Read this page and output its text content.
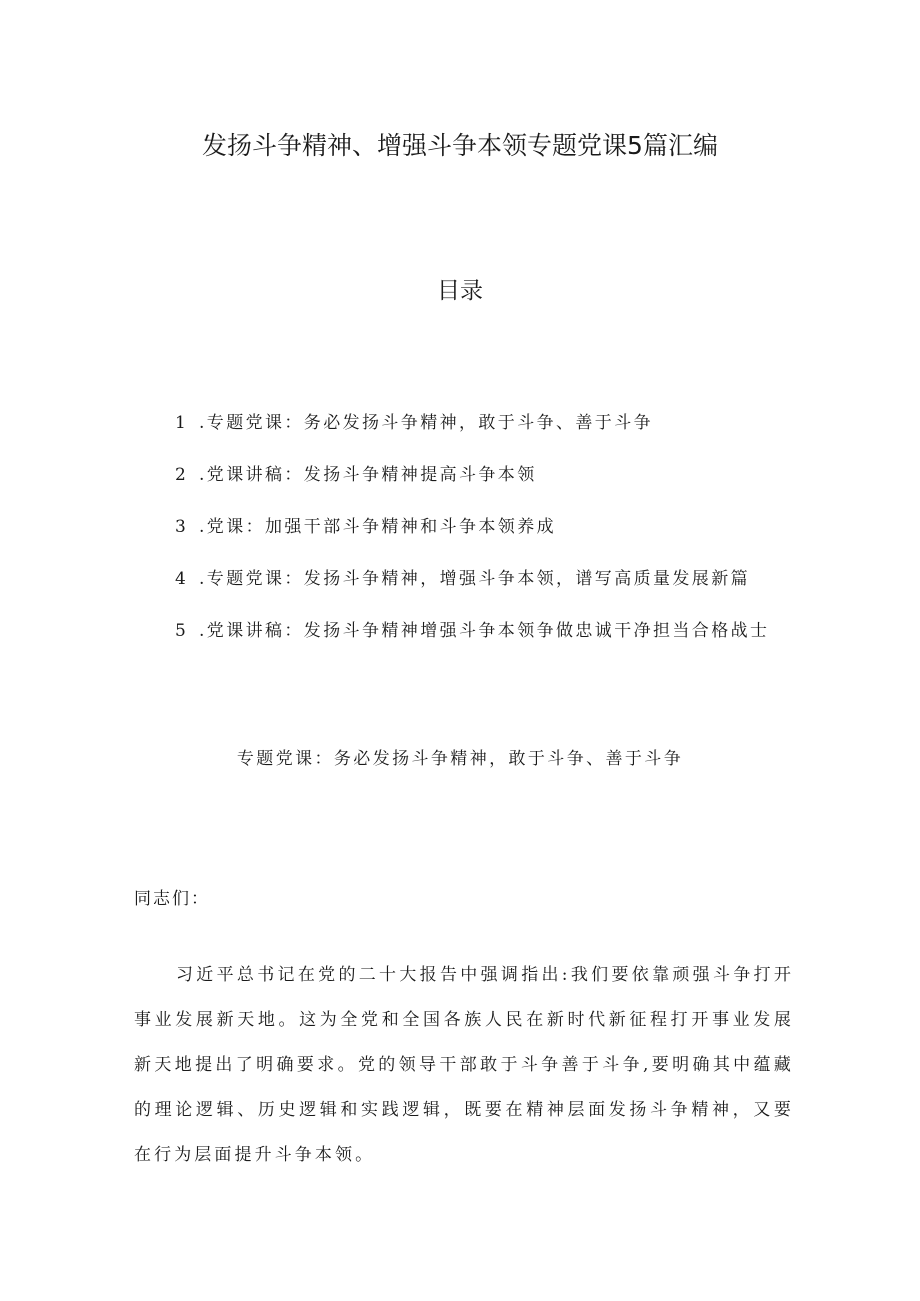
发扬斗争精神、增强斗争本领专题党课5篇汇编
目录
1 .专题党课：务必发扬斗争精神，敢于斗争、善于斗争
2 .党课讲稿：发扬斗争精神提高斗争本领
3 .党课：加强干部斗争精神和斗争本领养成
4 .专题党课：发扬斗争精神，增强斗争本领，谱写高质量发展新篇
5 .党课讲稿：发扬斗争精神增强斗争本领争做忠诚干净担当合格战士
专题党课：务必发扬斗争精神，敢于斗争、善于斗争
同志们：

习近平总书记在党的二十大报告中强调指出:我们要依靠顽强斗争打开事业发展新天地。这为全党和全国各族人民在新时代新征程打开事业发展新天地提出了明确要求。党的领导干部敢于斗争善于斗争,要明确其中蕴藏的理论逻辑、历史逻辑和实践逻辑，既要在精神层面发扬斗争精神，又要在行为层面提升斗争本领。
